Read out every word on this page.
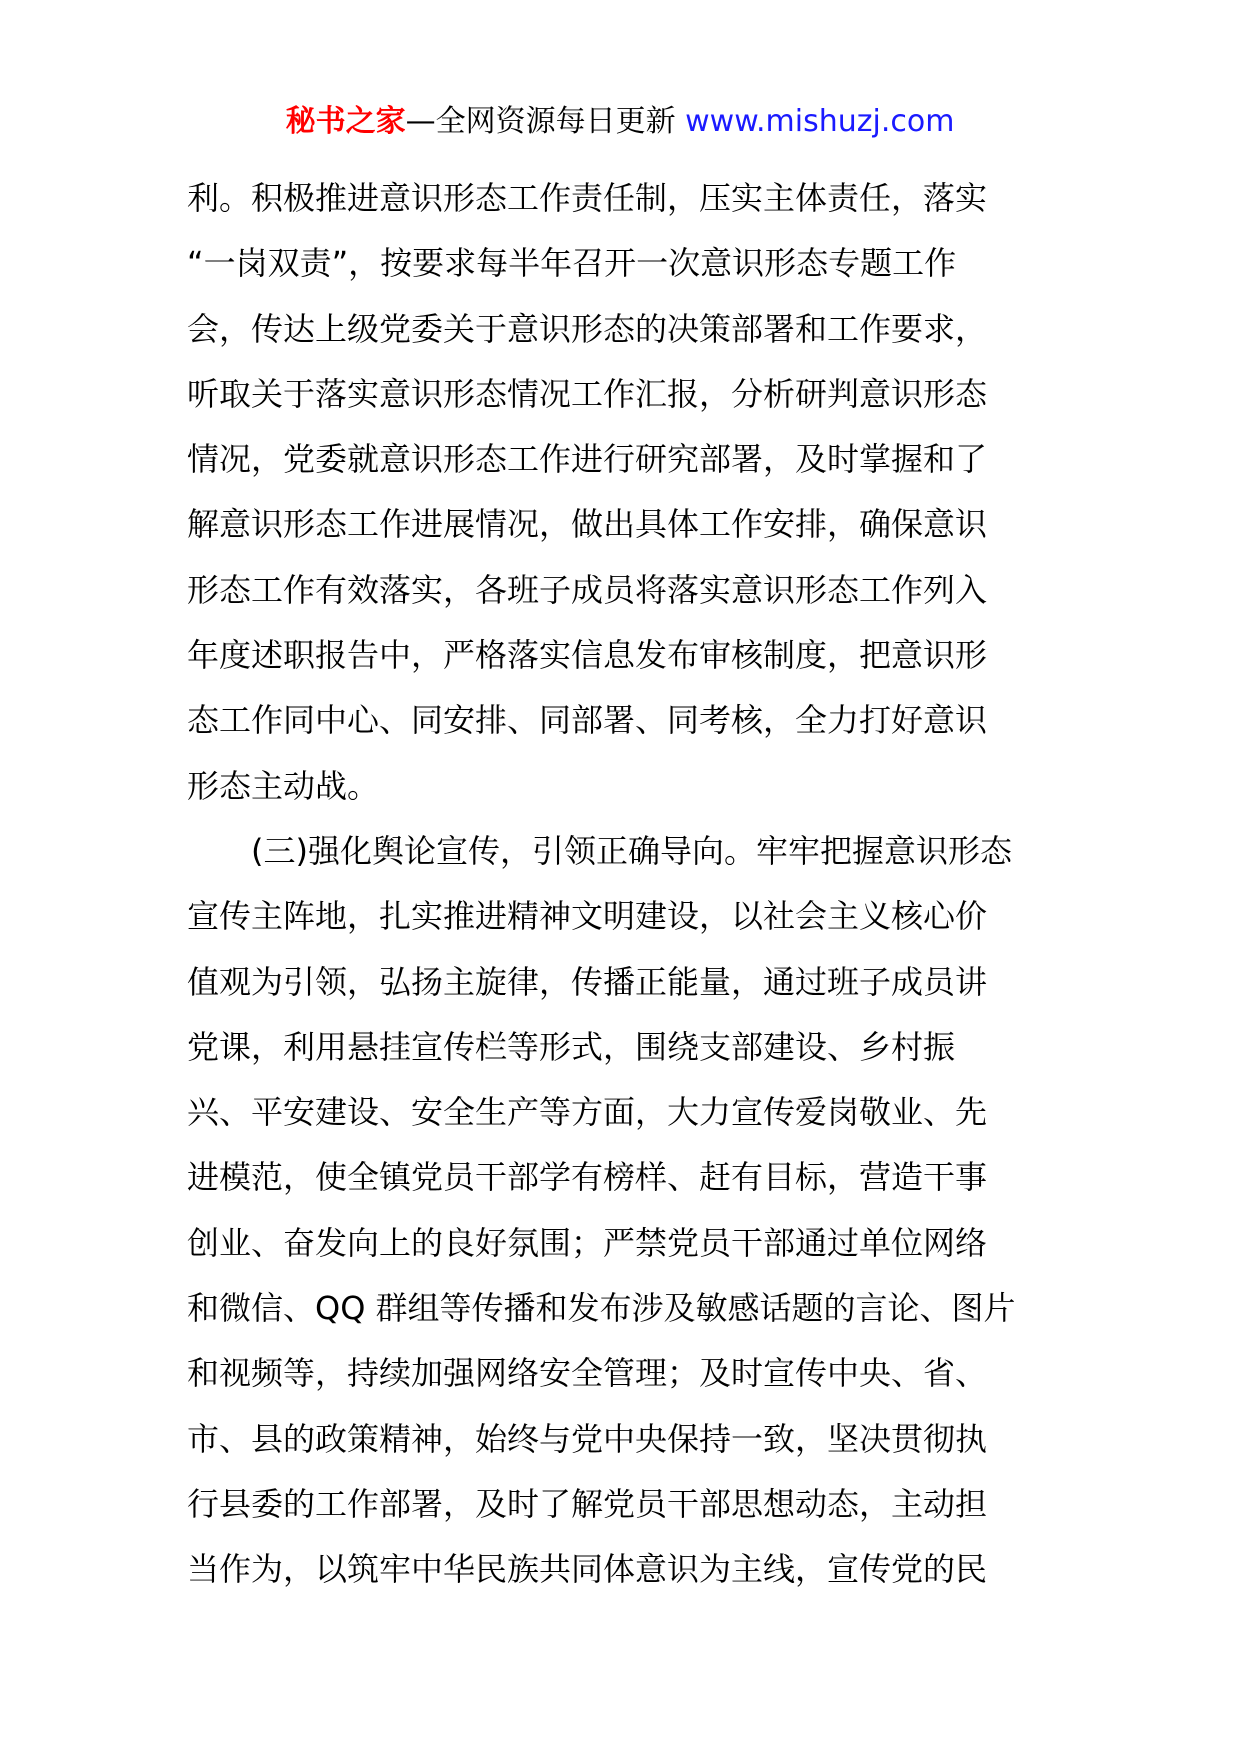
秘书之家—全网资源每日更新 www.mishuzj.com
利。积极推进意识形态工作责任制，压实主体责任，落实
“一岗双责”，按要求每半年召开一次意识形态专题工作
会，传达上级党委关于意识形态的决策部署和工作要求，
听取关于落实意识形态情况工作汇报，分析研判意识形态
情况，党委就意识形态工作进行研究部署，及时掌握和了
解意识形态工作进展情况，做出具体工作安排，确保意识
形态工作有效落实，各班子成员将落实意识形态工作列入
年度述职报告中，严格落实信息发布审核制度，把意识形
态工作同中心、同安排、同部署、同考核，全力打好意识
形态主动战。
(三)强化舆论宣传，引领正确导向。牢牢把握意识形态
宣传主阵地，扎实推进精神文明建设，以社会主义核心价
值观为引领，弘扬主旋律，传播正能量，通过班子成员讲
党课，利用悬挂宣传栏等形式，围绕支部建设、乡村振
兴、平安建设、安全生产等方面，大力宣传爱岗敬业、先
进模范，使全镇党员干部学有榜样、赶有目标，营造干事
创业、奋发向上的良好氛围；严禁党员干部通过单位网络
和微信、QQ 群组等传播和发布涉及敏感话题的言论、图片
和视频等，持续加强网络安全管理；及时宣传中央、省、
市、县的政策精神，始终与党中央保持一致，坚决贯彻执
行县委的工作部署，及时了解党员干部思想动态，主动担
当作为，以筑牢中华民族共同体意识为主线，宣传党的民
